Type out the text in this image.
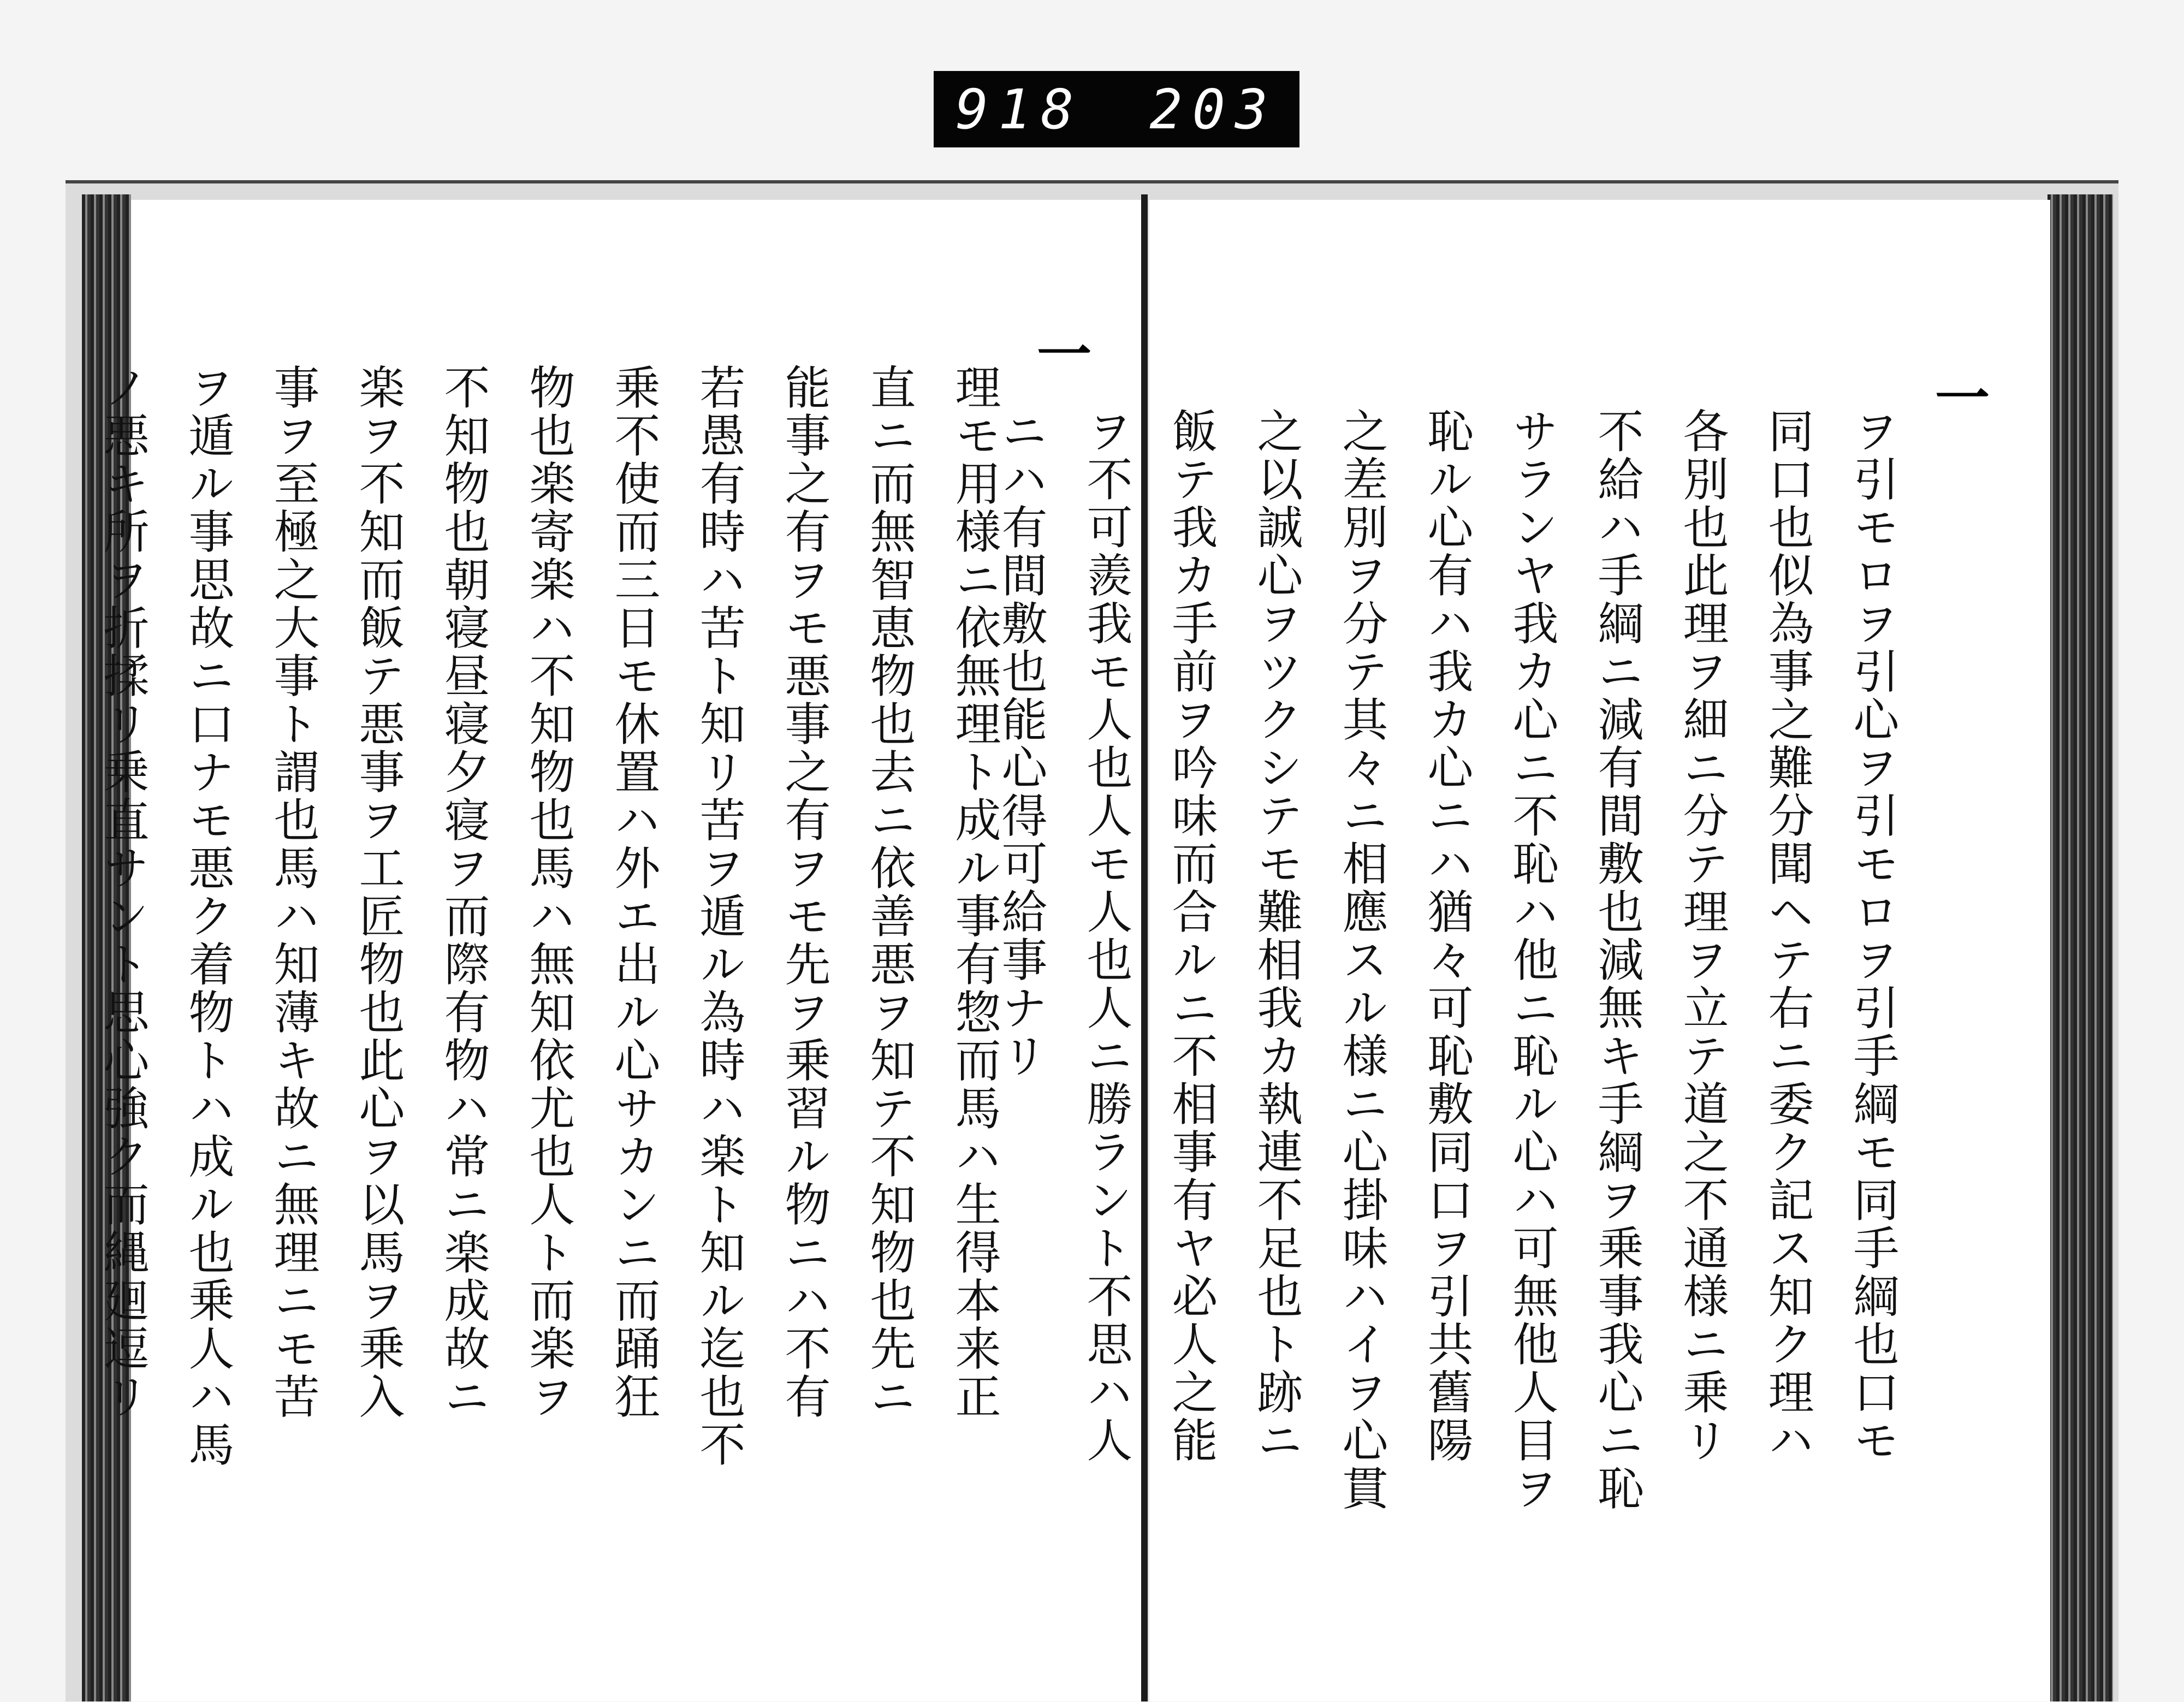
918 203
一
理モ用様ニ依無理ト成ル事有惣而馬ハ生得本来正
直ニ而無智恵物也去ニ依善悪ヲ知テ不知物也先ニ
能事之有ヲモ悪事之有ヲモ先ヲ乗習ル物ニハ不有
若愚有時ハ苦ト知リ苦ヲ遁ル為時ハ楽ト知ル迄也不
乗不使而三日モ休置ハ外エ出ル心サカンニ而踊狂
物也楽寄楽ハ不知物也馬ハ無知依尤也人ト而楽ヲ
不知物也朝寝昼寝夕寝ヲ而際有物ハ常ニ楽成故ニ
楽ヲ不知而飯テ悪事ヲ工匠物也此心ヲ以馬ヲ乗入
事ヲ至極之大事ト謂也馬ハ知薄キ故ニ無理ニモ苦
ヲ遁ル事思故ニ口ナモ悪ク着物トハ成ル也乗人ハ馬
ノ悪キ所ヲ折揉リ乗直サント思心強ク而縄廻逗リ	一
ヲ引モロヲ引心ヲ引モロヲ引手綱モ同手綱也口モ
同口也似為事之難分聞ヘテ右ニ委ク記ス知ク理ハ
各別也此理ヲ細ニ分テ理ヲ立テ道之不通様ニ乗リ
不給ハ手綱ニ減有間敷也減無キ手綱ヲ乗事我心ニ恥
サランヤ我カ心ニ不恥ハ他ニ恥ル心ハ可無他人目ヲ
恥ル心有ハ我カ心ニハ猶々可恥敷同口ヲ引共舊陽
之差別ヲ分テ其々ニ相應スル様ニ心掛味ハイヲ心貫
之以誠心ヲツクシテモ難相我カ執連不足也ト跡ニ
飯テ我カ手前ヲ吟味而合ルニ不相事有ヤ必人之能
ヲ不可羨我モ人也人モ人也人ニ勝ラント不思ハ人
ニハ有間敷也能心得可給事ナリ
